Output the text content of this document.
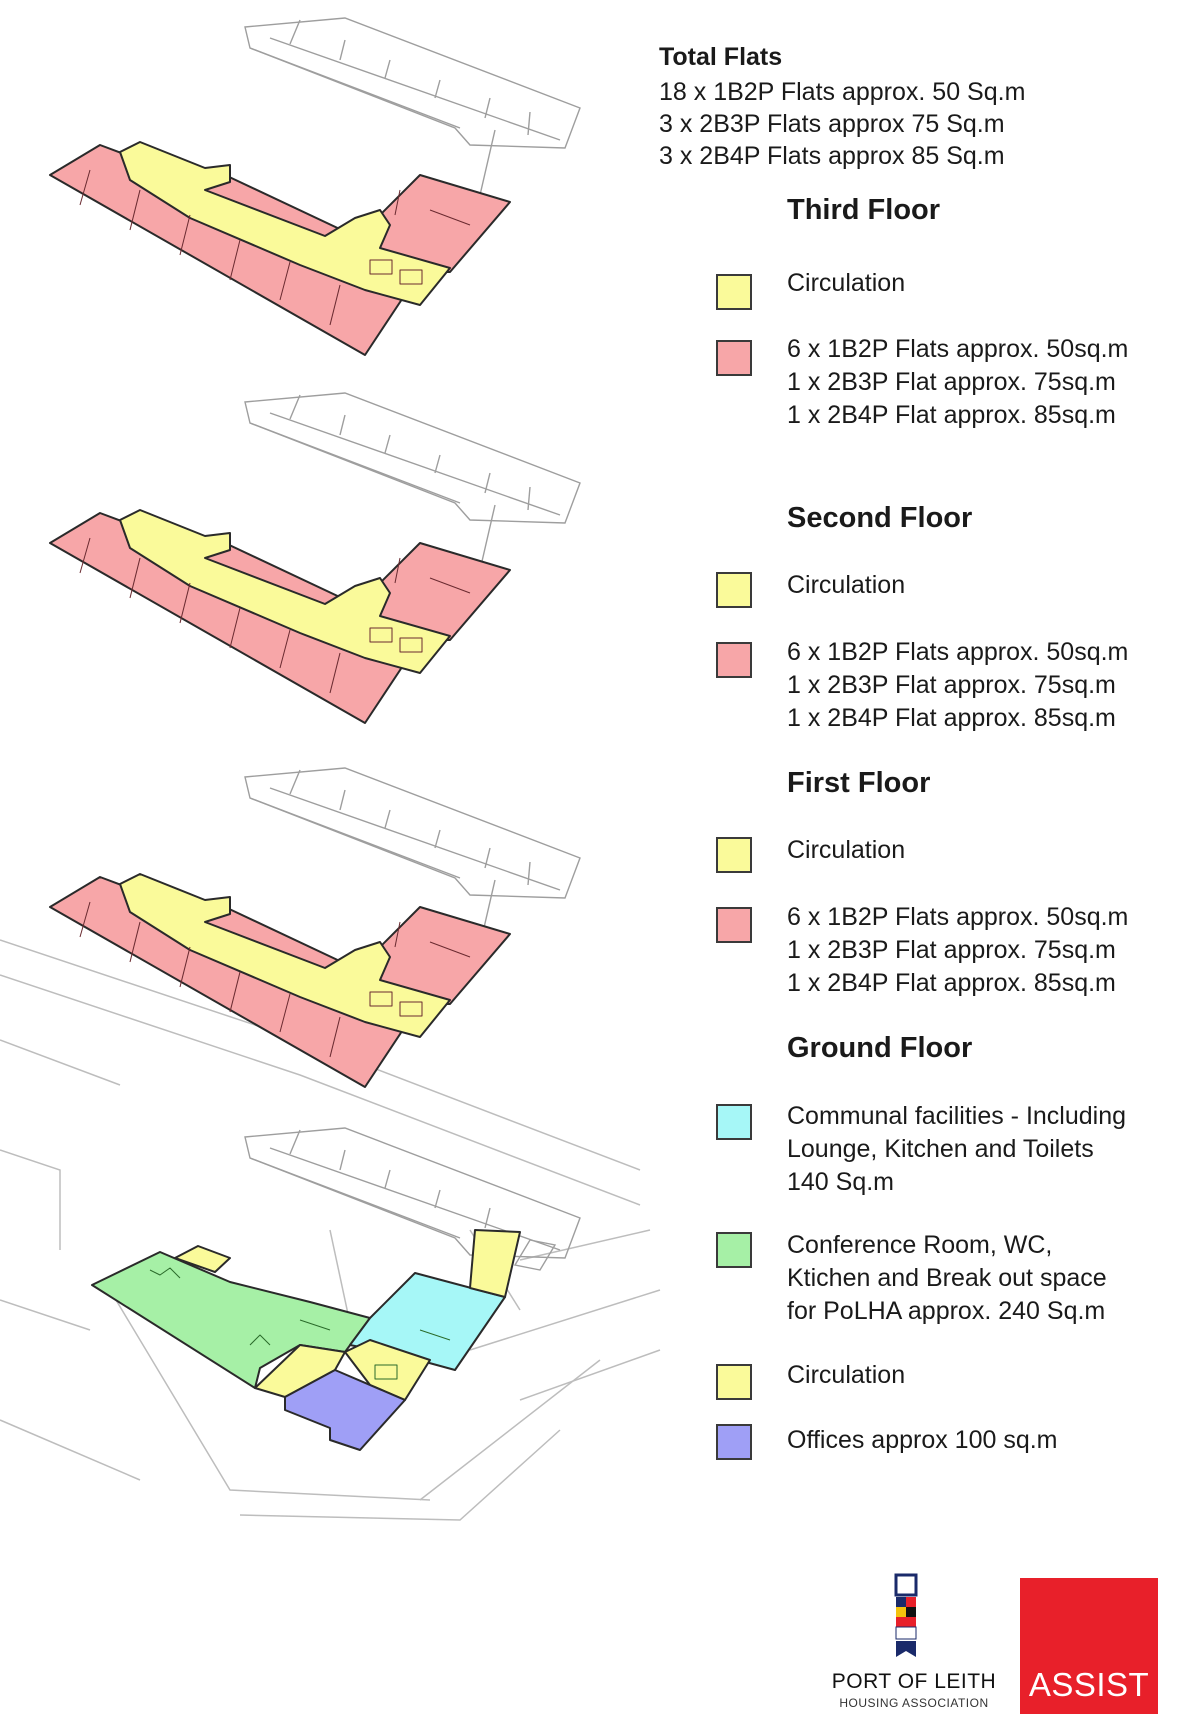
Total Flats
18 x 1B2P Flats approx. 50 Sq.m
3 x 2B3P Flats approx 75 Sq.m
3 x 2B4P Flats approx 85 Sq.m
Third Floor
Circulation
6 x 1B2P Flats approx. 50sq.m
1 x 2B3P Flat approx. 75sq.m
1 x 2B4P Flat approx. 85sq.m
Second Floor
Circulation
6 x 1B2P Flats approx. 50sq.m
1 x 2B3P Flat approx. 75sq.m
1 x 2B4P Flat approx. 85sq.m
First Floor
Circulation
6 x 1B2P Flats approx. 50sq.m
1 x 2B3P Flat approx. 75sq.m
1 x 2B4P Flat approx. 85sq.m
Ground Floor
Communal facilities - Including
Lounge, Kitchen and Toilets
140 Sq.m
Conference Room, WC,
Ktichen and Break out space
for PoLHA approx. 240 Sq.m
Circulation
Offices approx 100 sq.m
PORT OF LEITH
HOUSING ASSOCIATION	ASSIST
